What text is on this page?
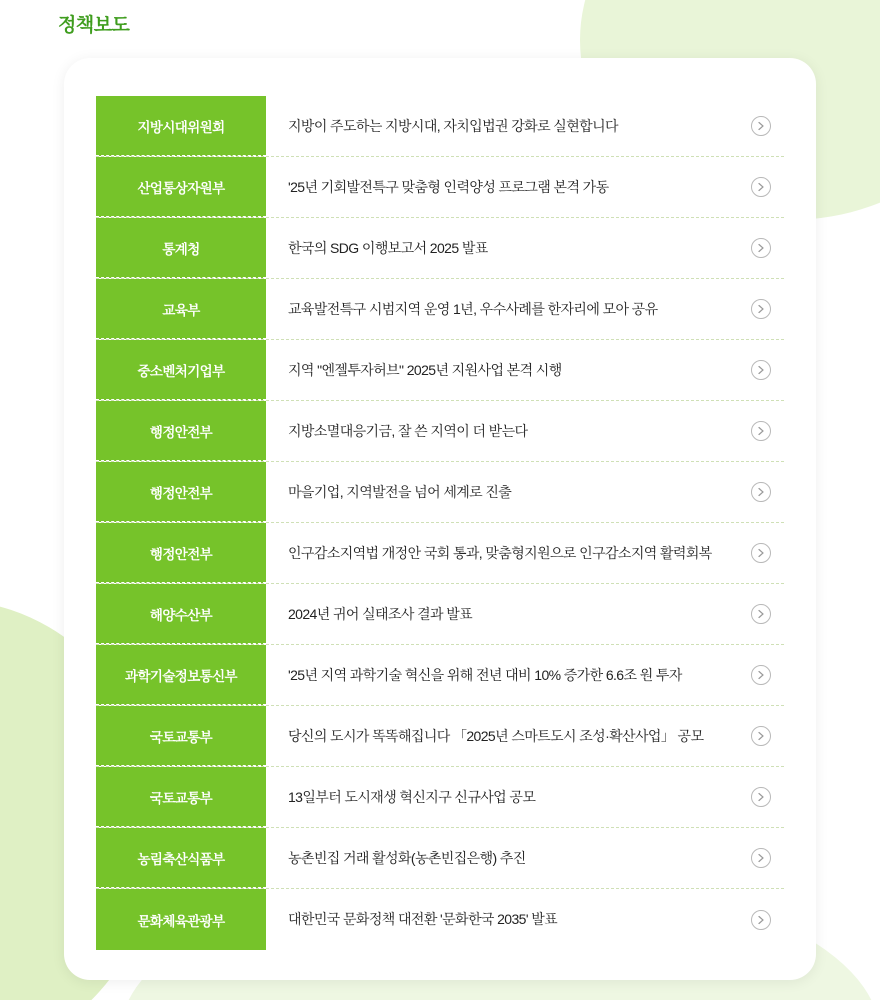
정책보도
지방시대위원회	지방이 주도하는 지방시대, 자치입법권 강화로 실현합니다
산업통상자원부	'25년 기회발전특구 맞춤형 인력양성 프로그램 본격 가동
통계청	한국의 SDG 이행보고서 2025 발표
교육부	교육발전특구 시범지역 운영 1년, 우수사례를 한자리에 모아 공유
중소벤처기업부	지역 "엔젤투자허브" 2025년 지원사업 본격 시행
행정안전부	지방소멸대응기금, 잘 쓴 지역이 더 받는다
행정안전부	마을기업, 지역발전을 넘어 세계로 진출
행정안전부	인구감소지역법 개정안 국회 통과, 맞춤형지원으로 인구감소지역 활력회복
해양수산부	2024년 귀어 실태조사 결과 발표
과학기술정보통신부	'25년 지역 과학기술 혁신을 위해 전년 대비 10% 증가한 6.6조 원 투자
국토교통부	당신의 도시가 똑똑해집니다 「2025년 스마트도시 조성·확산사업」 공모
국토교통부	13일부터 도시재생 혁신지구 신규사업 공모
농림축산식품부	농촌빈집 거래 활성화(농촌빈집은행) 추진
문화체육관광부	대한민국 문화정책 대전환 '문화한국 2035' 발표
